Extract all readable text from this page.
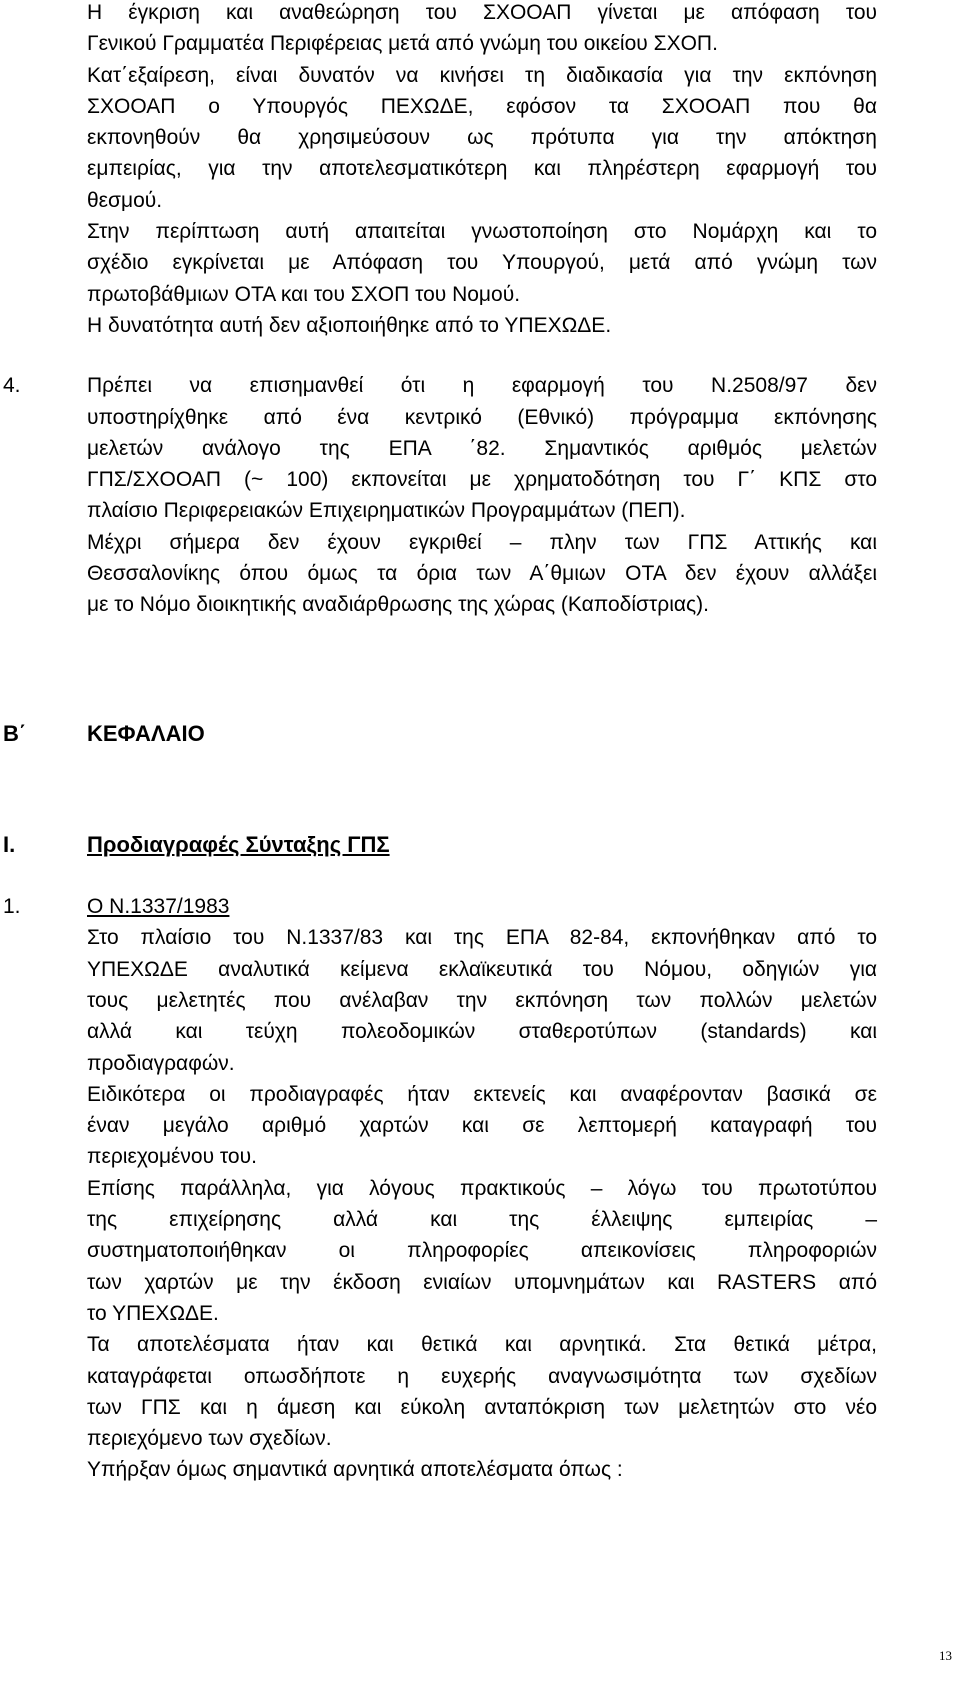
Η έγκριση και αναθεώρηση του ΣΧΟΟΑΠ γίνεται με απόφαση του
Γενικού Γραμματέα Περιφέρειας μετά από γνώμη του οικείου ΣΧΟΠ.
Κατ΄εξαίρεση, είναι δυνατόν να κινήσει τη διαδικασία για την εκπόνηση
ΣΧΟΟΑΠ ο Υπουργός ΠΕΧΩΔΕ, εφόσον τα ΣΧΟΟΑΠ που θα
εκπονηθούν θα χρησιμεύσουν ως πρότυπα για την απόκτηση
εμπειρίας, για την αποτελεσματικότερη και πληρέστερη εφαρμογή του
θεσμού.
Στην περίπτωση αυτή απαιτείται γνωστοποίηση στο Νομάρχη και το
σχέδιο εγκρίνεται με Απόφαση του Υπουργού, μετά από γνώμη των
πρωτοβάθμιων ΟΤΑ και του ΣΧΟΠ του Νομού.
Η δυνατότητα αυτή δεν αξιοποιήθηκε από το ΥΠΕΧΩΔΕ.
4.	Πρέπει να επισημανθεί ότι η εφαρμογή του Ν.2508/97 δεν
υποστηρίχθηκε από ένα κεντρικό (Εθνικό) πρόγραμμα εκπόνησης
μελετών ανάλογο της ΕΠΑ ΄82. Σημαντικός αριθμός μελετών
ΓΠΣ/ΣΧΟΟΑΠ (~ 100) εκπονείται με χρηματοδότηση του Γ΄ ΚΠΣ στο
πλαίσιο Περιφερειακών Επιχειρηματικών Προγραμμάτων (ΠΕΠ).
Μέχρι σήμερα δεν έχουν εγκριθεί – πλην των ΓΠΣ Αττικής και
Θεσσαλονίκης όπου όμως τα όρια των Α΄θμιων ΟΤΑ δεν έχουν αλλάξει
με το Νόμο διοικητικής αναδιάρθρωσης της χώρας (Καποδίστριας).
Β΄	ΚΕΦΑΛΑΙΟ
Ι.	Προδιαγραφές Σύνταξης ΓΠΣ
1.	Ο Ν.1337/1983
Στο πλαίσιο του Ν.1337/83 και της ΕΠΑ 82-84, εκπονήθηκαν από το
ΥΠΕΧΩΔΕ αναλυτικά κείμενα εκλαϊκευτικά του Νόμου, οδηγιών για
τους μελετητές που ανέλαβαν την εκπόνηση των πολλών μελετών
αλλά και τεύχη πολεοδομικών σταθεροτύπων (standards) και
προδιαγραφών.
Ειδικότερα οι προδιαγραφές ήταν εκτενείς και αναφέρονταν βασικά σε
έναν μεγάλο αριθμό χαρτών και σε λεπτομερή καταγραφή του
περιεχομένου του.
Επίσης παράλληλα, για λόγους πρακτικούς – λόγω του πρωτοτύπου
της επιχείρησης αλλά και της έλλειψης εμπειρίας –
συστηματοποιήθηκαν οι πληροφορίες απεικονίσεις πληροφοριών
των χαρτών με την έκδοση ενιαίων υπομνημάτων και RASTERS από
το ΥΠΕΧΩΔΕ.
Τα αποτελέσματα ήταν και θετικά και αρνητικά. Στα θετικά μέτρα,
καταγράφεται οπωσδήποτε η ευχερής αναγνωσιμότητα των σχεδίων
των ΓΠΣ και η άμεση και εύκολη ανταπόκριση των μελετητών στο νέο
περιεχόμενο των σχεδίων.
Υπήρξαν όμως σημαντικά αρνητικά αποτελέσματα όπως :
13
